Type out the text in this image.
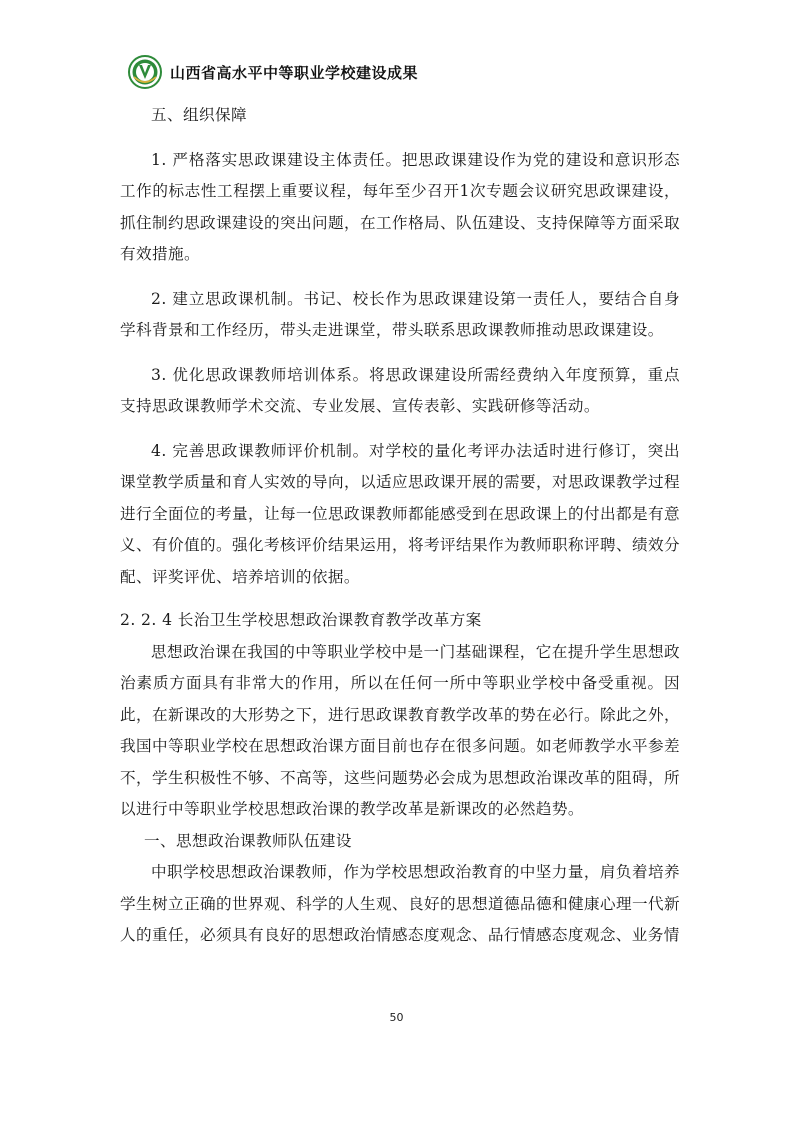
山西省高水平中等职业学校建设成果

五、组织保障

1. 严格落实思政课建设主体责任。把思政课建设作为党的建设和意识形态工作的标志性工程摆上重要议程，每年至少召开1次专题会议研究思政课建设，抓住制约思政课建设的突出问题，在工作格局、队伍建设、支持保障等方面采取有效措施。

2. 建立思政课机制。书记、校长作为思政课建设第一责任人，要结合自身学科背景和工作经历，带头走进课堂，带头联系思政课教师推动思政课建设。

3. 优化思政课教师培训体系。将思政课建设所需经费纳入年度预算，重点支持思政课教师学术交流、专业发展、宣传表彰、实践研修等活动。

4. 完善思政课教师评价机制。对学校的量化考评办法适时进行修订，突出课堂教学质量和育人实效的导向，以适应思政课开展的需要，对思政课教学过程进行全面位的考量，让每一位思政课教师都能感受到在思政课上的付出都是有意义、有价值的。强化考核评价结果运用，将考评结果作为教师职称评聘、绩效分配、评奖评优、培养培训的依据。

2. 2. 4 长治卫生学校思想政治课教育教学改革方案

思想政治课在我国的中等职业学校中是一门基础课程，它在提升学生思想政治素质方面具有非常大的作用，所以在任何一所中等职业学校中备受重视。因此，在新课改的大形势之下，进行思政课教育教学改革的势在必行。除此之外，我国中等职业学校在思想政治课方面目前也存在很多问题。如老师教学水平参差不，学生积极性不够、不高等，这些问题势必会成为思想政治课改革的阻碍，所以进行中等职业学校思想政治课的教学改革是新课改的必然趋势。

一、思想政治课教师队伍建设

中职学校思想政治课教师，作为学校思想政治教育的中坚力量，肩负着培养学生树立正确的世界观、科学的人生观、良好的思想道德品德和健康心理一代新人的重任，必须具有良好的思想政治情感态度观念、品行情感态度观念、业务情

50
